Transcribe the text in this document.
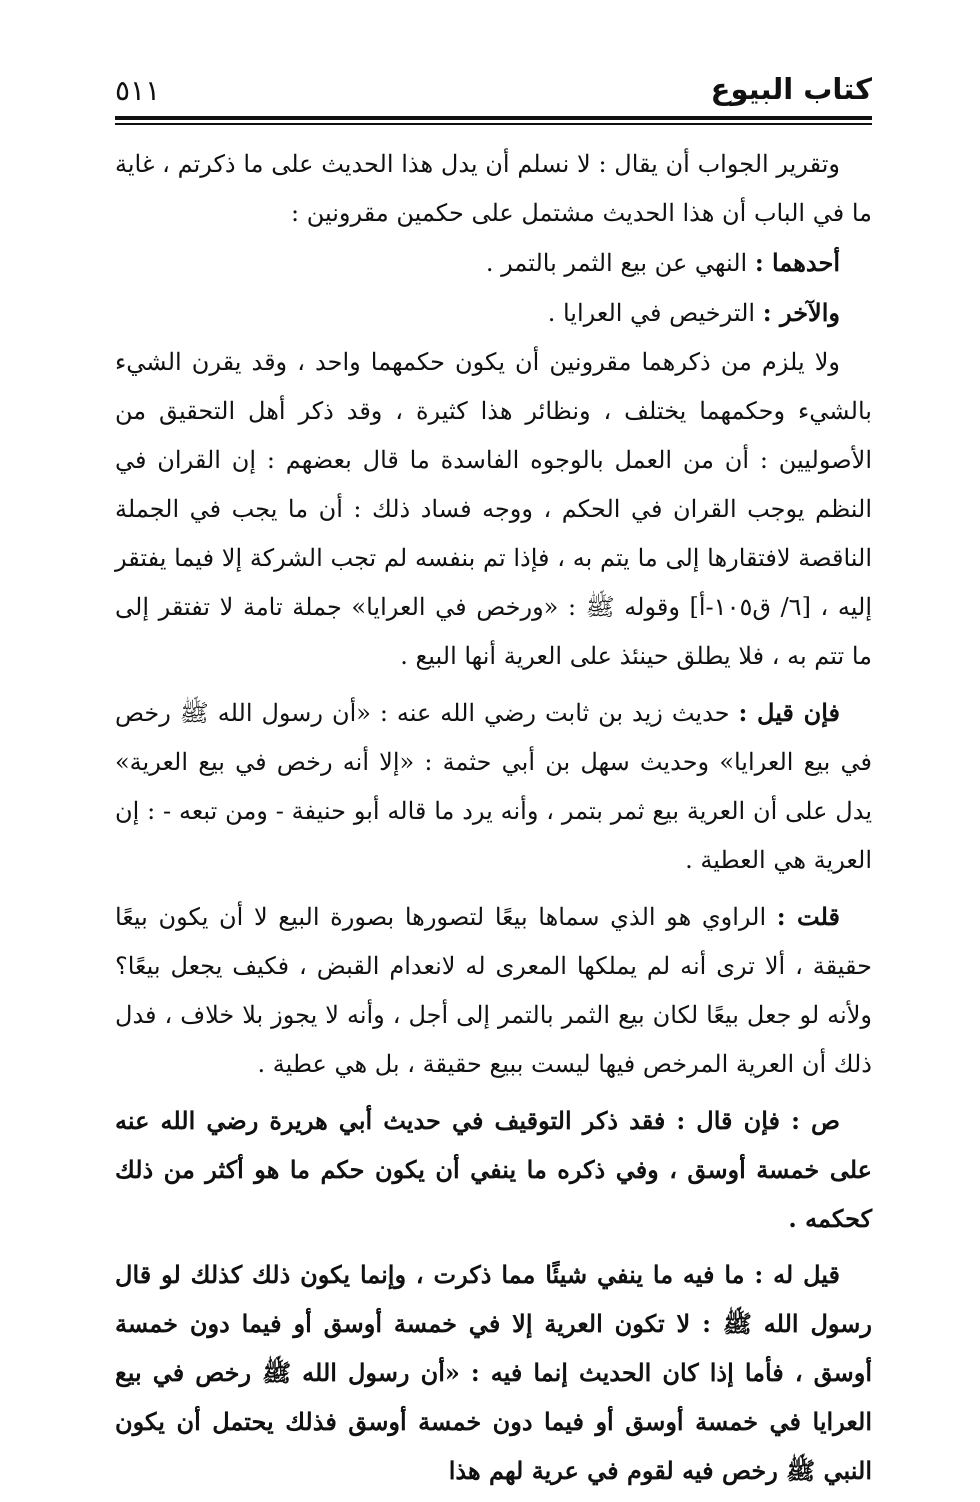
كتاب البيوع
٥١١

وتقرير الجواب أن يقال : لا نسلم أن يدل هذا الحديث على ما ذكرتم ، غاية ما في الباب أن هذا الحديث مشتمل على حكمين مقرونين :

أحدهما : النهي عن بيع الثمر بالتمر .

والآخر : الترخيص في العرايا .

ولا يلزم من ذكرهما مقرونين أن يكون حكمهما واحد ، وقد يقرن الشيء بالشيء وحكمهما يختلف ، ونظائر هذا كثيرة ، وقد ذكر أهل التحقيق من الأصوليين : أن من العمل بالوجوه الفاسدة ما قال بعضهم : إن القران في النظم يوجب القران في الحكم ، ووجه فساد ذلك : أن ما يجب في الجملة الناقصة لافتقارها إلى ما يتم به ، فإذا تم بنفسه لم تجب الشركة إلا فيما يفتقر إليه ، [٦/ ق١٠٥-أ] وقوله ﷺ : «ورخص في العرايا» جملة تامة لا تفتقر إلى ما تتم به ، فلا يطلق حينئذ على العرية أنها البيع .

فإن قيل : حديث زيد بن ثابت رضي الله عنه : «أن رسول الله ﷺ رخص في بيع العرايا» وحديث سهل بن أبي حثمة : «إلا أنه رخص في بيع العرية» يدل على أن العرية بيع ثمر بتمر ، وأنه يرد ما قاله أبو حنيفة - ومن تبعه - : إن العرية هي العطية .

قلت : الراوي هو الذي سماها بيعًا لتصورها بصورة البيع لا أن يكون بيعًا حقيقة ، ألا ترى أنه لم يملكها المعرى له لانعدام القبض ، فكيف يجعل بيعًا؟ ولأنه لو جعل بيعًا لكان بيع الثمر بالتمر إلى أجل ، وأنه لا يجوز بلا خلاف ، فدل ذلك أن العرية المرخص فيها ليست ببيع حقيقة ، بل هي عطية .

ص : فإن قال : فقد ذكر التوقيف في حديث أبي هريرة رضي الله عنه على خمسة أوسق ، وفي ذكره ما ينفي أن يكون حكم ما هو أكثر من ذلك كحكمه .

قيل له : ما فيه ما ينفي شيئًا مما ذكرت ، وإنما يكون ذلك كذلك لو قال رسول الله ﷺ : لا تكون العرية إلا في خمسة أوسق أو فيما دون خمسة أوسق ، فأما إذا كان الحديث إنما فيه : «أن رسول الله ﷺ رخص في بيع العرايا في خمسة أوسق أو فيما دون خمسة أوسق فذلك يحتمل أن يكون النبي ﷺ رخص فيه لقوم في عرية لهم هذا
